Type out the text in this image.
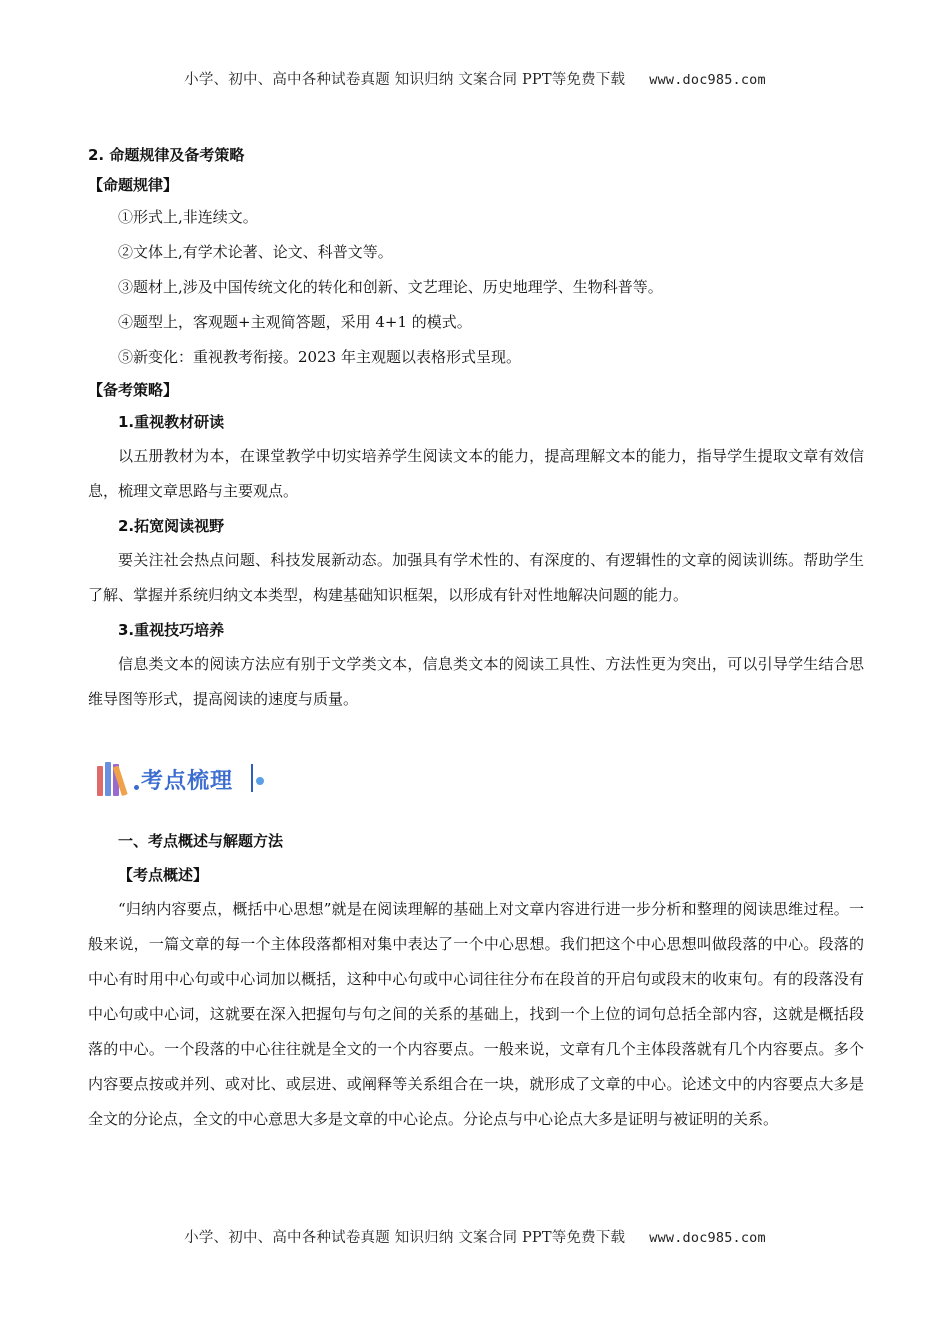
小学、初中、高中各种试卷真题 知识归纳 文案合同 PPT等免费下载 www.doc985.com

2. 命题规律及备考策略

【命题规律】

①形式上,非连续文。

②文体上,有学术论著、论文、科普文等。

③题材上,涉及中国传统文化的转化和创新、文艺理论、历史地理学、生物科普等。

④题型上，客观题+主观简答题，采用 4+1 的模式。

⑤新变化：重视教考衔接。2023 年主观题以表格形式呈现。

【备考策略】

1.重视教材研读

以五册教材为本，在课堂教学中切实培养学生阅读文本的能力，提高理解文本的能力，指导学生提取文章有效信息，梳理文章思路与主要观点。

2.拓宽阅读视野

要关注社会热点问题、科技发展新动态。加强具有学术性的、有深度的、有逻辑性的文章的阅读训练。帮助学生了解、掌握并系统归纳文本类型，构建基础知识框架，以形成有针对性地解决问题的能力。

3.重视技巧培养

信息类文本的阅读方法应有别于文学类文本，信息类文本的阅读工具性、方法性更为突出，可以引导学生结合思维导图等形式，提高阅读的速度与质量。

考点梳理

一、考点概述与解题方法

【考点概述】

“归纳内容要点，概括中心思想”就是在阅读理解的基础上对文章内容进行进一步分析和整理的阅读思维过程。一般来说，一篇文章的每一个主体段落都相对集中表达了一个中心思想。我们把这个中心思想叫做段落的中心。段落的中心有时用中心句或中心词加以概括，这种中心句或中心词往往分布在段首的开启句或段末的收束句。有的段落没有中心句或中心词，这就要在深入把握句与句之间的关系的基础上，找到一个上位的词句总括全部内容，这就是概括段落的中心。一个段落的中心往往就是全文的一个内容要点。一般来说，文章有几个主体段落就有几个内容要点。多个内容要点按或并列、或对比、或层进、或阐释等关系组合在一块，就形成了文章的中心。论述文中的内容要点大多是全文的分论点，全文的中心意思大多是文章的中心论点。分论点与中心论点大多是证明与被证明的关系。

小学、初中、高中各种试卷真题 知识归纳 文案合同 PPT等免费下载 www.doc985.com
